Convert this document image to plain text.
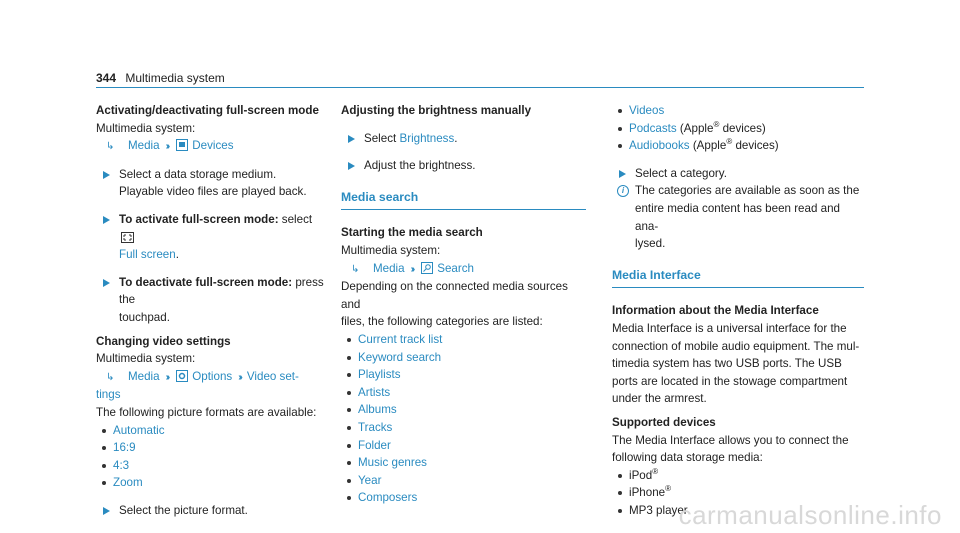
344 Multimedia system
Activating/deactivating full-screen mode
Multimedia system:
↳ Media ›› Devices
Select a data storage medium.
Playable video files are played back.
To activate full-screen mode: select
Full screen.
To deactivate full-screen mode: press the
touchpad.
Changing video settings
Multimedia system:
↳ Media ›› Options ›› Video set-
tings
The following picture formats are available:
Automatic
16:9
4:3
Zoom
Select the picture format.
Adjusting the brightness manually
Select Brightness.
Adjust the brightness.
Media search
Starting the media search
Multimedia system:
↳ Media ›› Search
Depending on the connected media sources and
files, the following categories are listed:
Current track list
Keyword search
Playlists
Artists
Albums
Tracks
Folder
Music genres
Year
Composers
Videos
Podcasts (Apple® devices)
Audiobooks (Apple® devices)
Select a category.
i The categories are available as soon as the
entire media content has been read and ana-
lysed.
Media Interface
Information about the Media Interface
Media Interface is a universal interface for the
connection of mobile audio equipment. The mul-
timedia system has two USB ports. The USB
ports are located in the stowage compartment
under the armrest.
Supported devices
The Media Interface allows you to connect the
following data storage media:
iPod®
iPhone®
MP3 player
carmanualsonline.info
